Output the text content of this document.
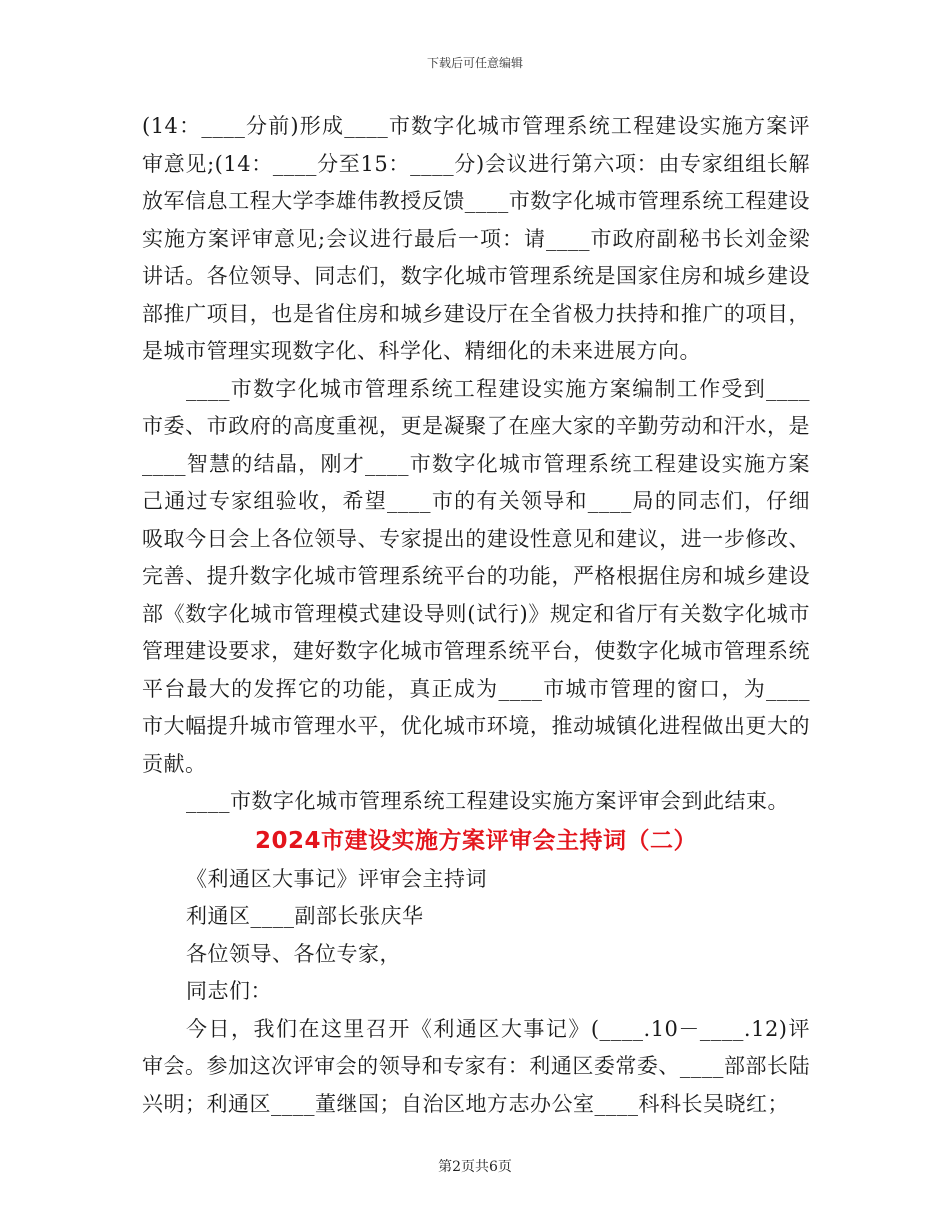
下载后可任意编辑

(14：____分前)形成____市数字化城市管理系统工程建设实施方案评审意见;(14：____分至15：____分)会议进行第六项：由专家组组长解放军信息工程大学李雄伟教授反馈____市数字化城市管理系统工程建设实施方案评审意见;会议进行最后一项：请____市政府副秘书长刘金梁讲话。各位领导、同志们，数字化城市管理系统是国家住房和城乡建设部推广项目，也是省住房和城乡建设厅在全省极力扶持和推广的项目，是城市管理实现数字化、科学化、精细化的未来进展方向。

____市数字化城市管理系统工程建设实施方案编制工作受到____市委、市政府的高度重视，更是凝聚了在座大家的辛勤劳动和汗水，是____智慧的结晶，刚才____市数字化城市管理系统工程建设实施方案己通过专家组验收，希望____市的有关领导和____局的同志们，仔细吸取今日会上各位领导、专家提出的建设性意见和建议，进一步修改、完善、提升数字化城市管理系统平台的功能，严格根据住房和城乡建设部《数字化城市管理模式建设导则(试行)》规定和省厅有关数字化城市管理建设要求，建好数字化城市管理系统平台，使数字化城市管理系统平台最大的发挥它的功能，真正成为____市城市管理的窗口，为____市大幅提升城市管理水平，优化城市环境，推动城镇化进程做出更大的贡献。

____市数字化城市管理系统工程建设实施方案评审会到此结束。

2024市建设实施方案评审会主持词（二）

《利通区大事记》评审会主持词

利通区____副部长张庆华

各位领导、各位专家，

同志们：

今日，我们在这里召开《利通区大事记》(____.10－____.12)评审会。参加这次评审会的领导和专家有：利通区委常委、____部部长陆兴明；利通区____董继国；自治区地方志办公室____科科长吴晓红；

第2页共6页
